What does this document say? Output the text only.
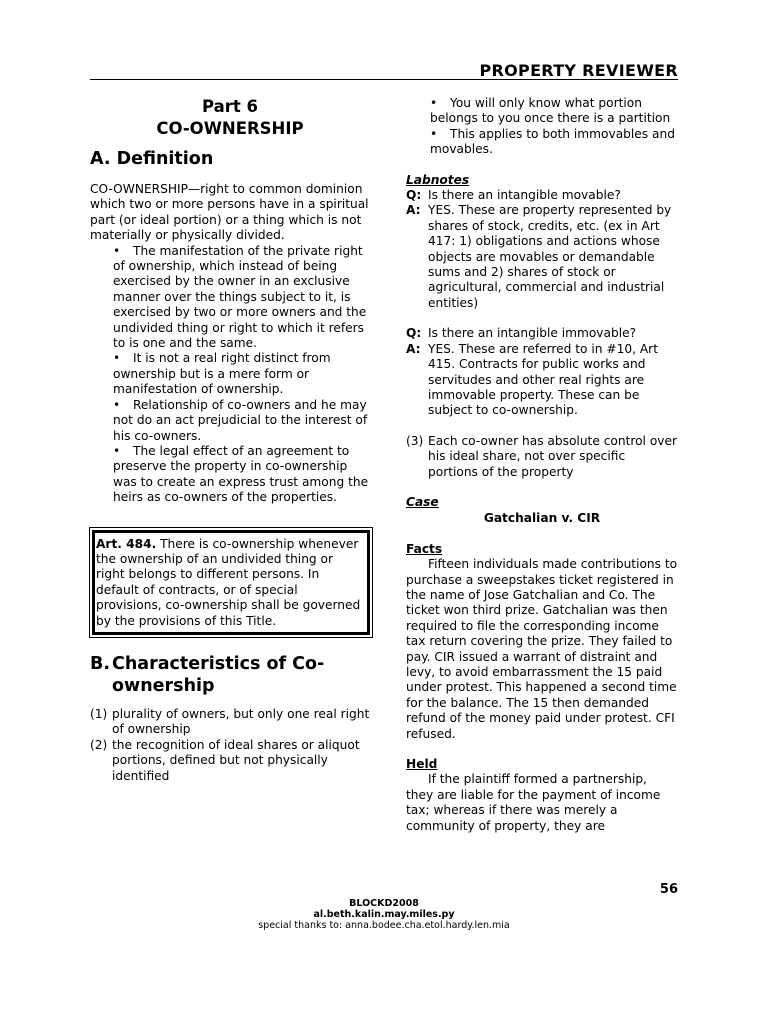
PROPERTY REVIEWER

Part 6

CO-OWNERSHIP

A. Definition

CO-OWNERSHIP—right to common dominion which two or more persons have in a spiritual part (or ideal portion) or a thing which is not materially or physically divided.

• The manifestation of the private right of ownership, which instead of being exercised by the owner in an exclusive manner over the things subject to it, is exercised by two or more owners and the undivided thing or right to which it refers to is one and the same.
• It is not a real right distinct from ownership but is a mere form or manifestation of ownership.
• Relationship of co-owners and he may not do an act prejudicial to the interest of his co-owners.
• The legal effect of an agreement to preserve the property in co-ownership was to create an express trust among the heirs as co-owners of the properties.
Art. 484. There is co-ownership whenever the ownership of an undivided thing or right belongs to different persons. In default of contracts, or of special provisions, co-ownership shall be governed by the provisions of this Title.
B. Characteristics of Co-ownership
(1) plurality of owners, but only one real right of ownership
(2) the recognition of ideal shares or aliquot portions, defined but not physically identified
• You will only know what portion belongs to you once there is a partition
• This applies to both immovables and movables.

Labnotes

Q: Is there an intangible movable?
A: YES. These are property represented by shares of stock, credits, etc. (ex in Art 417: 1) obligations and actions whose objects are movables or demandable sums and 2) shares of stock or agricultural, commercial and industrial entities)
Q: Is there an intangible immovable?
A: YES. These are referred to in #10, Art 415. Contracts for public works and servitudes and other real rights are immovable property. These can be subject to co-ownership.
(3) Each co-owner has absolute control over his ideal share, not over specific portions of the property

Case

Gatchalian v. CIR

Facts

Fifteen individuals made contributions to purchase a sweepstakes ticket registered in the name of Jose Gatchalian and Co. The ticket won third prize. Gatchalian was then required to file the corresponding income tax return covering the prize. They failed to pay. CIR issued a warrant of distraint and levy, to avoid embarrassment the 15 paid under protest. This happened a second time for the balance. The 15 then demanded refund of the money paid under protest. CFI refused.

Held

If the plaintiff formed a partnership, they are liable for the payment of income tax; whereas if there was merely a community of property, they are

56
BLOCKD2008
al.beth.kalin.may.miles.py
special thanks to: anna.bodee.cha.etol.hardy.len.mia
